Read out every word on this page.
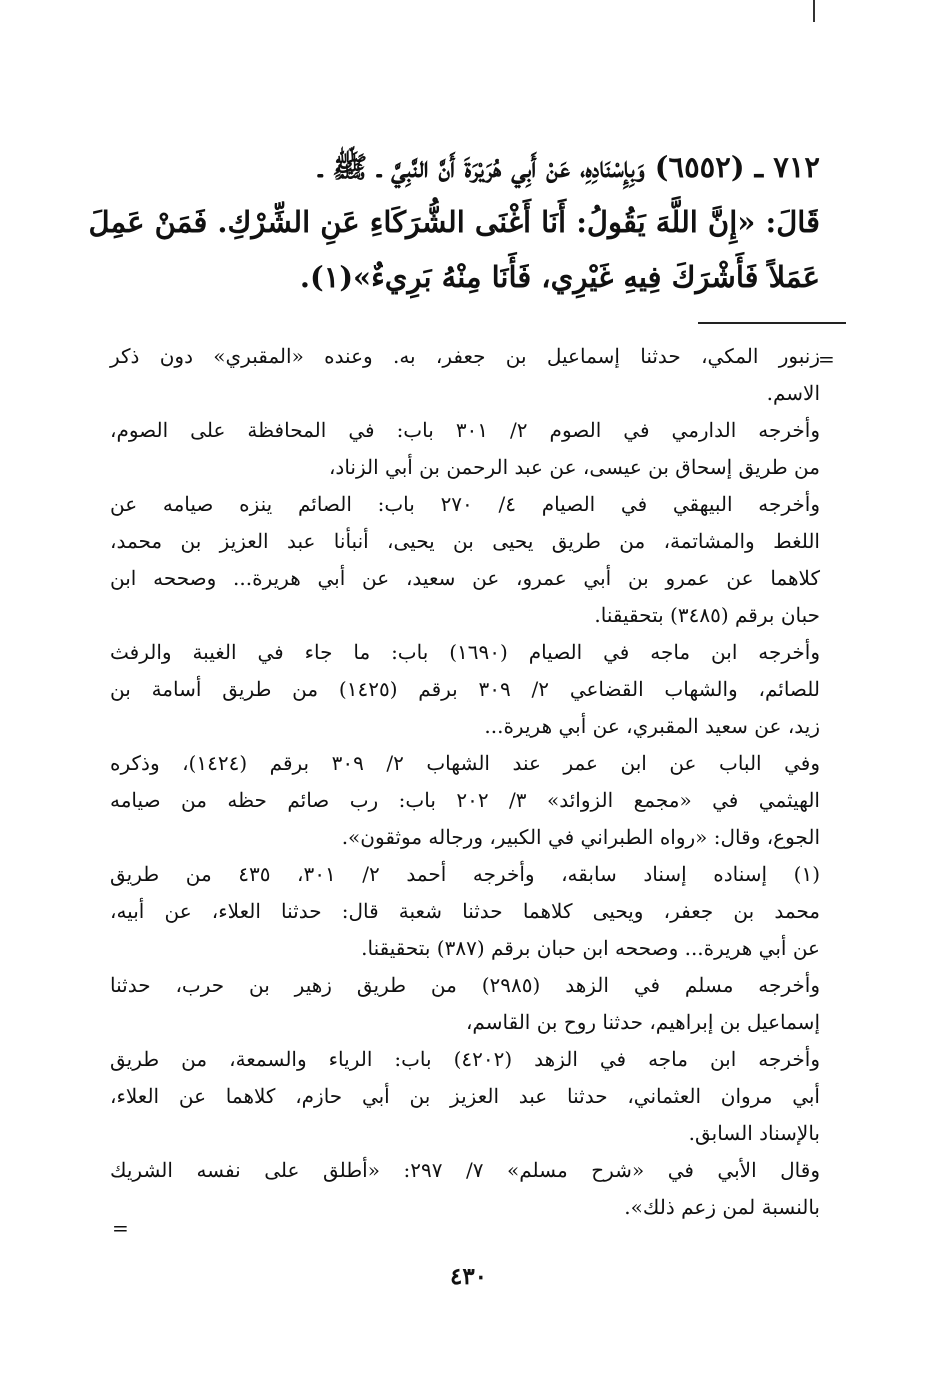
٧١٢ ـ (٦٥٥٢) وَبِإِسْنَادِهِ، عَنْ أَبِي هُرَيْرَةَ أَنَّ النَّبِيَّ ـ ﷺ ـ
قَالَ: «إِنَّ اللَّهَ يَقُولُ: أَنَا أَغْنَى الشُّرَكَاءِ عَنِ الشِّرْكِ. فَمَنْ عَمِلَ
عَمَلاً فَأَشْرَكَ فِيهِ غَيْرِي، فَأَنَا مِنْهُ بَرِيءٌ»(١).
=
زنبور المكي، حدثنا إسماعيل بن جعفر، به. وعنده «المقبري» دون ذكر
الاسم.
وأخرجه الدارمي في الصوم ٢/ ٣٠١ باب: في المحافظة على الصوم،
من طريق إسحاق بن عيسى، عن عبد الرحمن بن أبي الزناد،
وأخرجه البيهقي في الصيام ٤/ ٢٧٠ باب: الصائم ينزه صيامه عن
اللغط والمشاتمة، من طريق يحيى بن يحيى، أنبأنا عبد العزيز بن محمد،
كلاهما عن عمرو بن أبي عمرو، عن سعيد، عن أبي هريرة... وصححه ابن
حبان برقم (٣٤٨٥) بتحقيقنا.
وأخرجه ابن ماجه في الصيام (١٦٩٠) باب: ما جاء في الغيبة والرفث
للصائم، والشهاب القضاعي ٢/ ٣٠٩ برقم (١٤٢٥) من طريق أسامة بن
زيد، عن سعيد المقبري، عن أبي هريرة...
وفي الباب عن ابن عمر عند الشهاب ٢/ ٣٠٩ برقم (١٤٢٤)، وذكره
الهيثمي في «مجمع الزوائد» ٣/ ٢٠٢ باب: رب صائم حظه من صيامه
الجوع، وقال: «رواه الطبراني في الكبير، ورجاله موثقون».
(١) إسناده إسناد سابقه، وأخرجه أحمد ٢/ ٣٠١، ٤٣٥ من طريق
محمد بن جعفر، ويحيى كلاهما حدثنا شعبة قال: حدثنا العلاء، عن أبيه،
عن أبي هريرة... وصححه ابن حبان برقم (٣٨٧) بتحقيقنا.
وأخرجه مسلم في الزهد (٢٩٨٥) من طريق زهير بن حرب، حدثنا
إسماعيل بن إبراهيم، حدثنا روح بن القاسم،
وأخرجه ابن ماجه في الزهد (٤٢٠٢) باب: الرياء والسمعة، من طريق
أبي مروان العثماني، حدثنا عبد العزيز بن أبي حازم، كلاهما عن العلاء،
بالإسناد السابق.
وقال الأبي في «شرح مسلم» ٧/ ٢٩٧: «أطلق على نفسه الشريك
بالنسبة لمن زعم ذلك».
=
٤٣٠
